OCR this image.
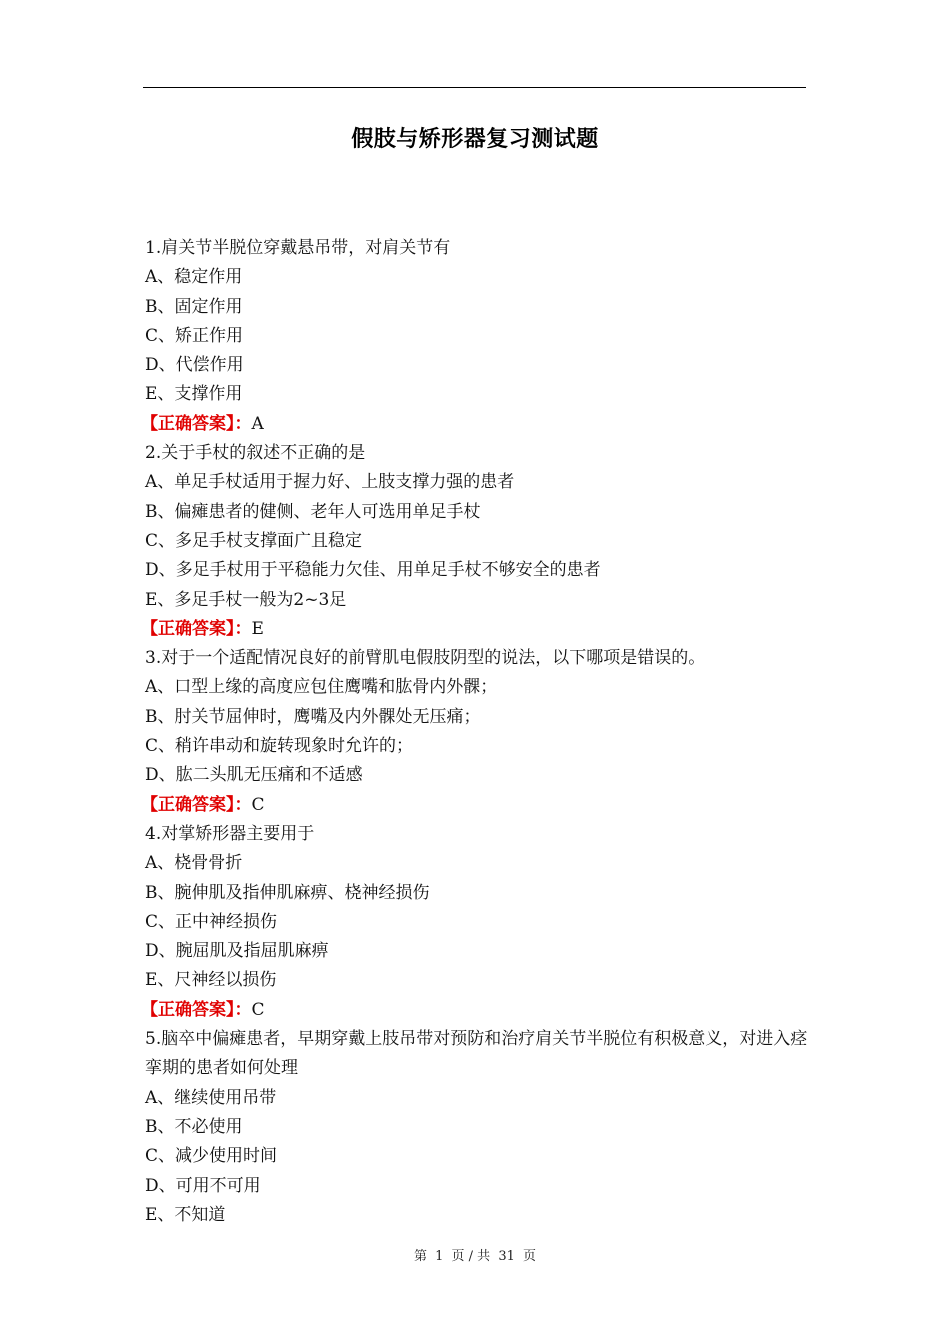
假肢与矫形器复习测试题
1.肩关节半脱位穿戴悬吊带，对肩关节有
A、稳定作用
B、固定作用
C、矫正作用
D、代偿作用
E、支撑作用
【正确答案】：A
2.关于手杖的叙述不正确的是
A、单足手杖适用于握力好、上肢支撑力强的患者
B、偏瘫患者的健侧、老年人可选用单足手杖
C、多足手杖支撑面广且稳定
D、多足手杖用于平稳能力欠佳、用单足手杖不够安全的患者
E、多足手杖一般为2~3足
【正确答案】：E
3.对于一个适配情况良好的前臂肌电假肢阴型的说法，以下哪项是错误的。
A、口型上缘的高度应包住鹰嘴和肱骨内外髁；
B、肘关节屈伸时，鹰嘴及内外髁处无压痛；
C、稍许串动和旋转现象时允许的；
D、肱二头肌无压痛和不适感
【正确答案】：C
4.对掌矫形器主要用于
A、桡骨骨折
B、腕伸肌及指伸肌麻痹、桡神经损伤
C、正中神经损伤
D、腕屈肌及指屈肌麻痹
E、尺神经以损伤
【正确答案】：C
5.脑卒中偏瘫患者，早期穿戴上肢吊带对预防和治疗肩关节半脱位有积极意义，对进入痉挛期的患者如何处理
A、继续使用吊带
B、不必使用
C、减少使用时间
D、可用不可用
E、不知道
第 1 页 / 共 31 页
